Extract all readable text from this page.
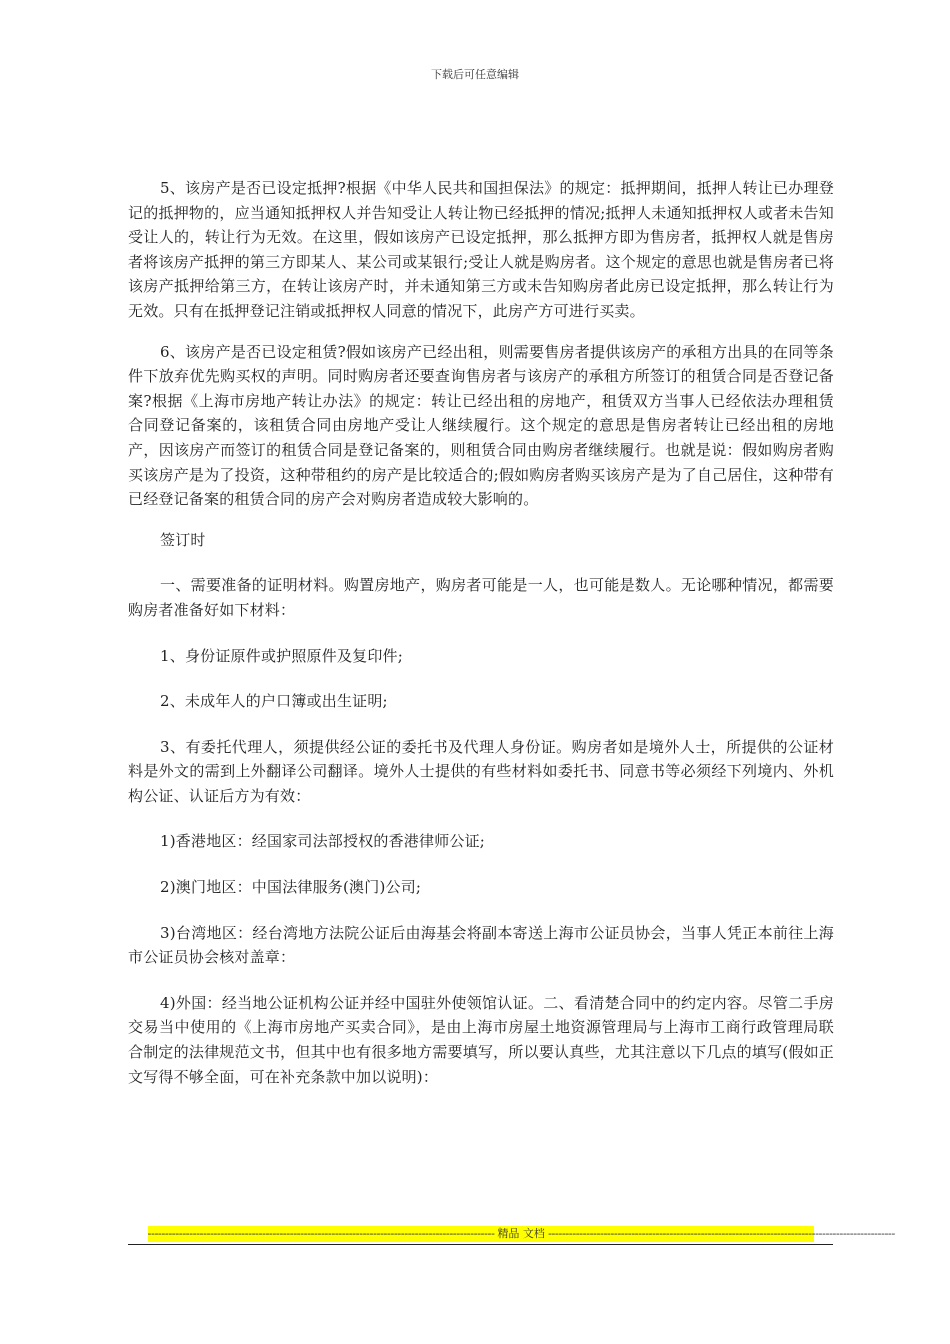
下载后可任意编辑

5、该房产是否已设定抵押?根据《中华人民共和国担保法》的规定：抵押期间，抵押人转让已办理登记的抵押物的，应当通知抵押权人并告知受让人转让物已经抵押的情况;抵押人未通知抵押权人或者未告知受让人的，转让行为无效。在这里，假如该房产已设定抵押，那么抵押方即为售房者，抵押权人就是售房者将该房产抵押的第三方即某人、某公司或某银行;受让人就是购房者。这个规定的意思也就是售房者已将该房产抵押给第三方，在转让该房产时，并未通知第三方或未告知购房者此房已设定抵押，那么转让行为无效。只有在抵押登记注销或抵押权人同意的情况下，此房产方可进行买卖。

6、该房产是否已设定租赁?假如该房产已经出租，则需要售房者提供该房产的承租方出具的在同等条件下放弃优先购买权的声明。同时购房者还要查询售房者与该房产的承租方所签订的租赁合同是否登记备案?根据《上海市房地产转让办法》的规定：转让已经出租的房地产，租赁双方当事人已经依法办理租赁合同登记备案的，该租赁合同由房地产受让人继续履行。这个规定的意思是售房者转让已经出租的房地产，因该房产而签订的租赁合同是登记备案的，则租赁合同由购房者继续履行。也就是说：假如购房者购买该房产是为了投资，这种带租约的房产是比较适合的;假如购房者购买该房产是为了自己居住，这种带有已经登记备案的租赁合同的房产会对购房者造成较大影响的。

签订时

一、需要准备的证明材料。购置房地产，购房者可能是一人，也可能是数人。无论哪种情况，都需要购房者准备好如下材料：

1、身份证原件或护照原件及复印件;

2、未成年人的户口簿或出生证明;

3、有委托代理人，须提供经公证的委托书及代理人身份证。购房者如是境外人士，所提供的公证材料是外文的需到上外翻译公司翻译。境外人士提供的有些材料如委托书、同意书等必须经下列境内、外机构公证、认证后方为有效：

1)香港地区：经国家司法部授权的香港律师公证;

2)澳门地区：中国法律服务(澳门)公司;

3)台湾地区：经台湾地方法院公证后由海基会将副本寄送上海市公证员协会，当事人凭正本前往上海市公证员协会核对盖章：

4)外国：经当地公证机构公证并经中国驻外使领馆认证。二、看清楚合同中的约定内容。尽管二手房交易当中使用的《上海市房地产买卖合同》，是由上海市房屋土地资源管理局与上海市工商行政管理局联合制定的法律规范文书，但其中也有很多地方需要填写，所以要认真些，尤其注意以下几点的填写(假如正文写得不够全面，可在补充条款中加以说明)：

---------------------------------------------------------------------------------------------------- 精品 文档 ----------------------------------------------------------------------------------------------------
